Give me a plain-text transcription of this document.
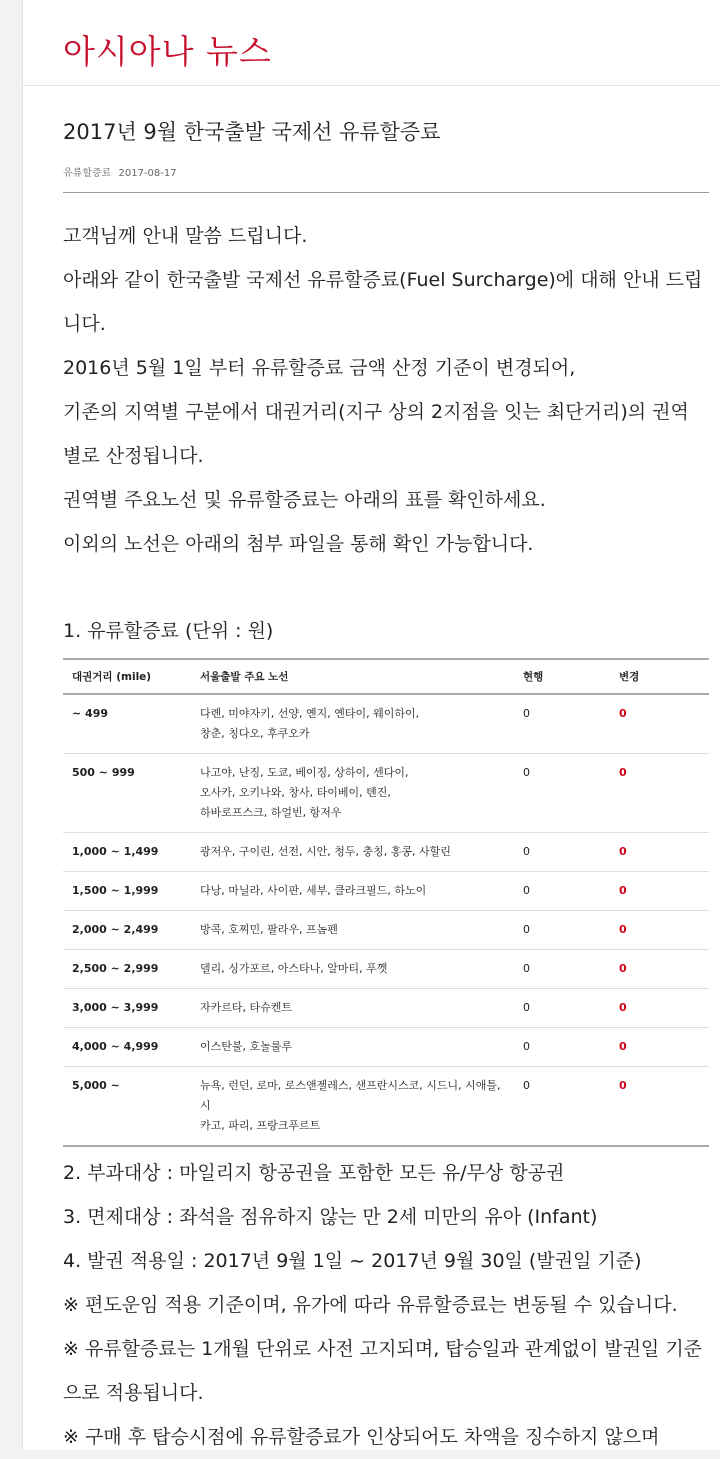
아시아나 뉴스
2017년 9월 한국출발 국제선 유류할증료
유류할증료 2017-08-17

고객님께 안내 말씀 드립니다.

아래와 같이 한국출발 국제선 유류할증료(Fuel Surcharge)에 대해 안내 드립니다.

2016년 5월 1일 부터 유류할증료 금액 산정 기준이 변경되어,

기존의 지역별 구분에서 대권거리(지구 상의 2지점을 잇는 최단거리)의 권역 별로 산정됩니다.

권역별 주요노선 및 유류할증료는 아래의 표를 확인하세요.

이외의 노선은 아래의 첨부 파일을 통해 확인 가능합니다.

1. 유류할증료 (단위 : 원)
대권거리 (mile)	서울출발 주요 노선	현행	변경
~ 499	다롄, 미야자키, 선양, 옌지, 옌타이, 웨이하이,
창춘, 칭다오, 후쿠오카	0	0
500 ~ 999	나고야, 난징, 도쿄, 베이징, 상하이, 센다이,
오사카, 오키나와, 창사, 타이베이, 톈진,
하바로프스크, 하얼빈, 항저우	0	0
1,000 ~ 1,499	광저우, 구이린, 선전, 시안, 청두, 충칭, 홍콩, 사할린	0	0
1,500 ~ 1,999	다낭, 마닐라, 사이판, 세부, 클라크필드, 하노이	0	0
2,000 ~ 2,499	방콕, 호찌민, 팔라우, 프놈펜	0	0
2,500 ~ 2,999	델리, 싱가포르, 아스타나, 알마티, 푸껫	0	0
3,000 ~ 3,999	자카르타, 타슈켄트	0	0
4,000 ~ 4,999	이스탄불, 호놀룰루	0	0
5,000 ~	뉴욕, 런던, 로마, 로스앤젤레스, 샌프란시스코, 시드니, 시애틀, 시
카고, 파리, 프랑크푸르트	0	0

2. 부과대상 : 마일리지 항공권을 포함한 모든 유/무상 항공권

3. 면제대상 : 좌석을 점유하지 않는 만 2세 미만의 유아 (Infant)

4. 발권 적용일 : 2017년 9월 1일 ~ 2017년 9월 30일 (발권일 기준)

※ 편도운임 적용 기준이며, 유가에 따라 유류할증료는 변동될 수 있습니다.

※ 유류할증료는 1개월 단위로 사전 고지되며, 탑승일과 관계없이 발권일 기준으로 적용됩니다.

※ 구매 후 탑승시점에 유류할증료가 인상되어도 차액을 징수하지 않으며
